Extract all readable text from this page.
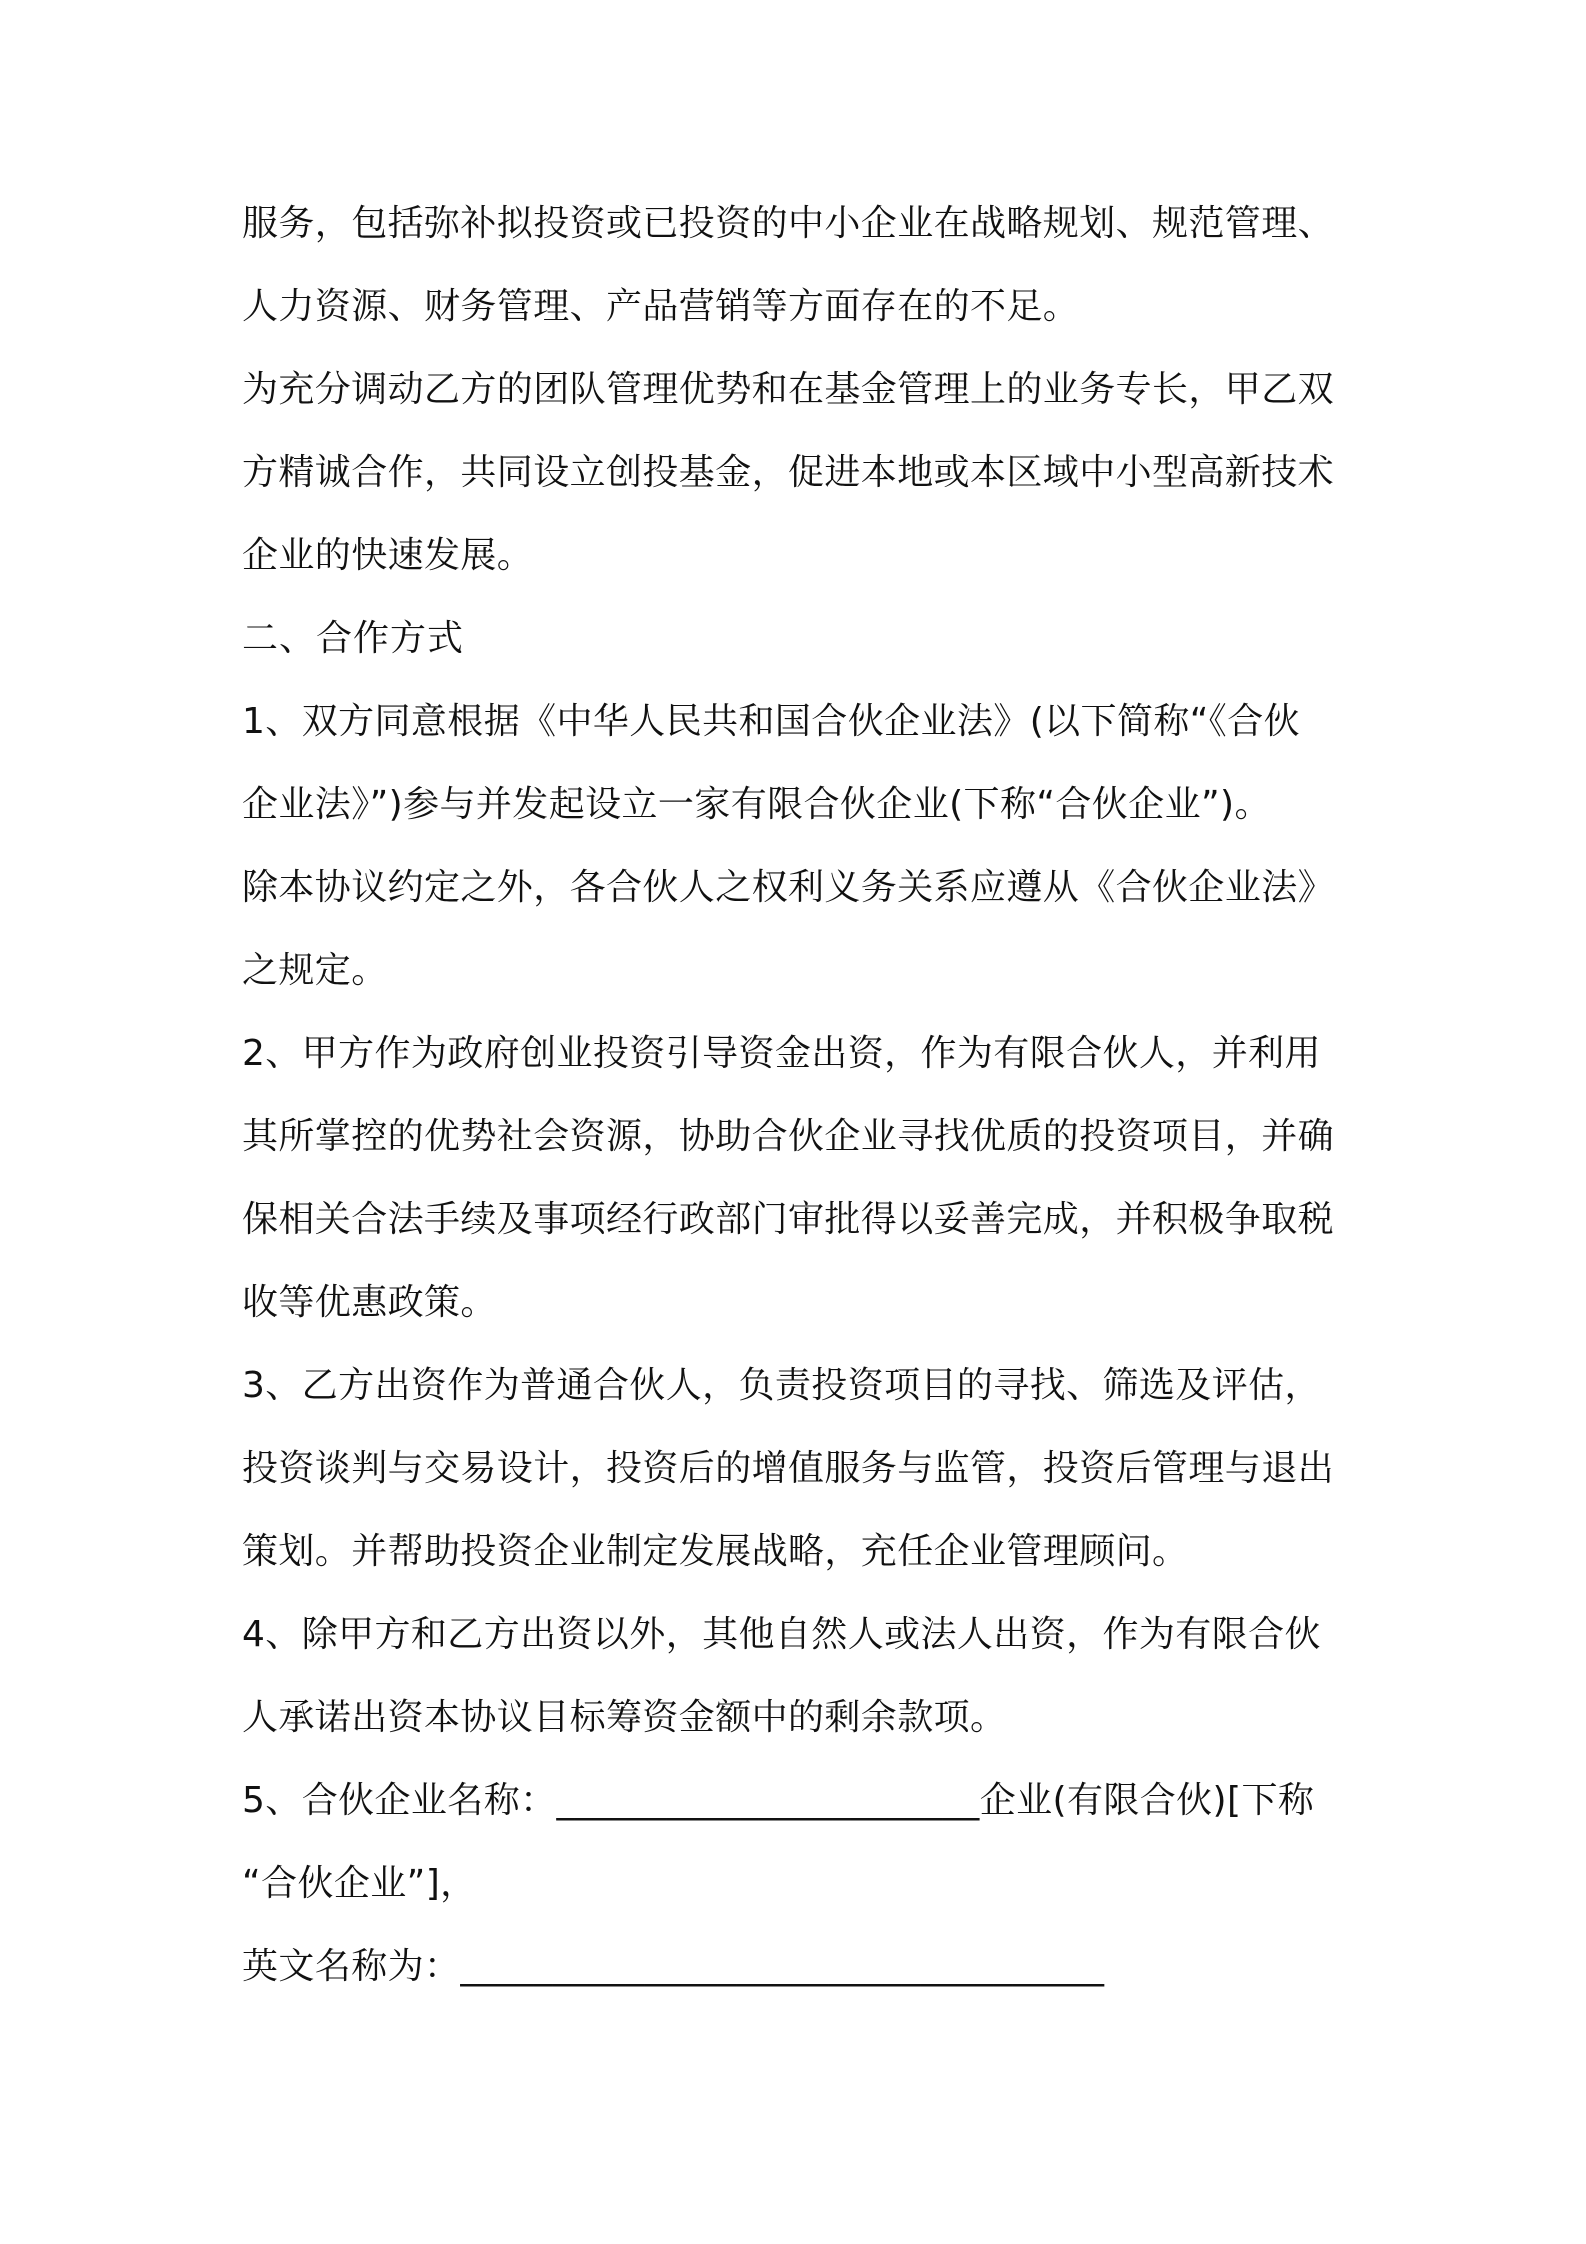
服务，包括弥补拟投资或已投资的中小企业在战略规划、规范管理、
人力资源、财务管理、产品营销等方面存在的不足。
为充分调动乙方的团队管理优势和在基金管理上的业务专长，甲乙双
方精诚合作，共同设立创投基金，促进本地或本区域中小型高新技术
企业的快速发展。
二、合作方式
1、双方同意根据《中华人民共和国合伙企业法》(以下简称“《合伙
企业法》”)参与并发起设立一家有限合伙企业(下称“合伙企业”)。
除本协议约定之外，各合伙人之权利义务关系应遵从《合伙企业法》
之规定。
2、甲方作为政府创业投资引导资金出资，作为有限合伙人，并利用
其所掌控的优势社会资源，协助合伙企业寻找优质的投资项目，并确
保相关合法手续及事项经行政部门审批得以妥善完成，并积极争取税
收等优惠政策。
3、乙方出资作为普通合伙人，负责投资项目的寻找、筛选及评估，
投资谈判与交易设计，投资后的增值服务与监管，投资后管理与退出
策划。并帮助投资企业制定发展战略，充任企业管理顾问。
4、除甲方和乙方出资以外，其他自然人或法人出资，作为有限合伙
人承诺出资本协议目标筹资金额中的剩余款项。
5、合伙企业名称：_______________________企业(有限合伙)[下称
“合伙企业”]，
英文名称为：___________________________________
